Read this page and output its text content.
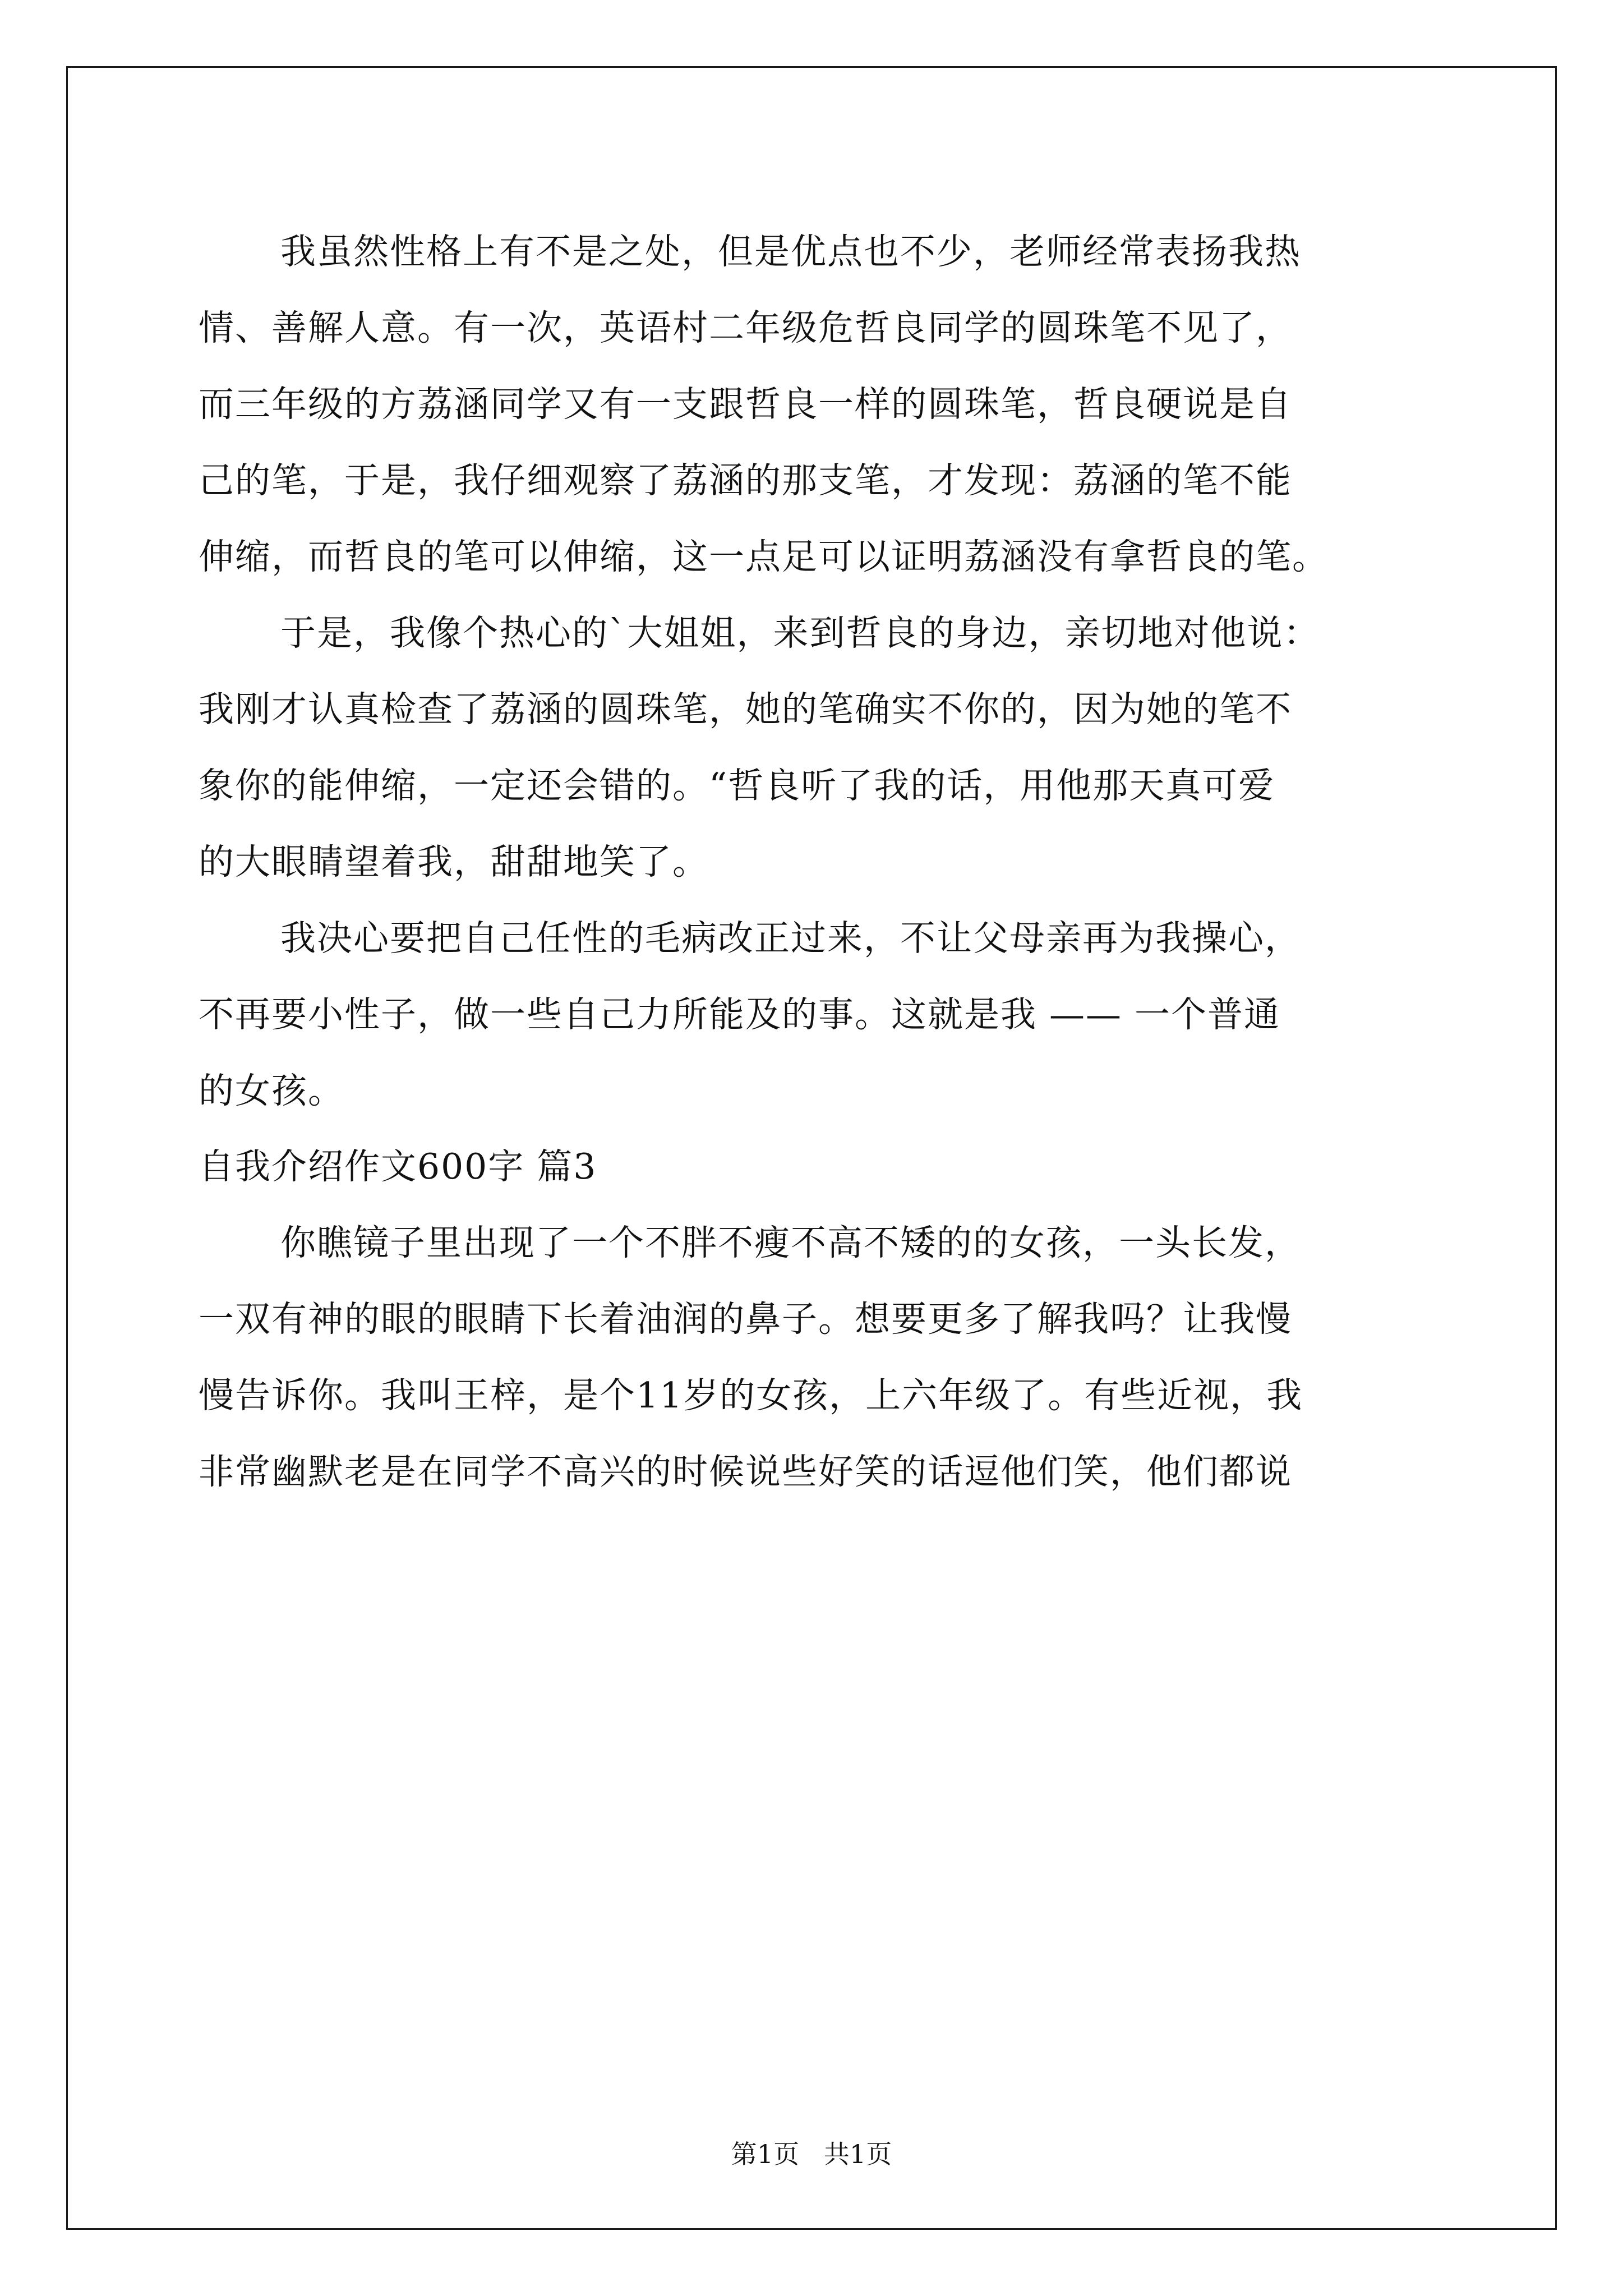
我虽然性格上有不是之处，但是优点也不少，老师经常表扬我热
情、善解人意。有一次，英语村二年级危哲良同学的圆珠笔不见了，
而三年级的方荔涵同学又有一支跟哲良一样的圆珠笔，哲良硬说是自
己的笔，于是，我仔细观察了荔涵的那支笔，才发现：荔涵的笔不能
伸缩，而哲良的笔可以伸缩，这一点足可以证明荔涵没有拿哲良的笔。
于是，我像个热心的`大姐姐，来到哲良的身边，亲切地对他说：
我刚才认真检查了荔涵的圆珠笔，她的笔确实不你的，因为她的笔不
象你的能伸缩，一定还会错的。“哲良听了我的话，用他那天真可爱
的大眼睛望着我，甜甜地笑了。
我决心要把自己任性的毛病改正过来，不让父母亲再为我操心，
不再要小性子，做一些自己力所能及的事。这就是我 —— 一个普通
的女孩。
自我介绍作文600字 篇3
你瞧镜子里出现了一个不胖不瘦不高不矮的的女孩，一头长发，
一双有神的眼的眼睛下长着油润的鼻子。想要更多了解我吗？让我慢
慢告诉你。我叫王梓，是个11岁的女孩，上六年级了。有些近视，我
非常幽默老是在同学不高兴的时候说些好笑的话逗他们笑，他们都说
第1页   共1页
